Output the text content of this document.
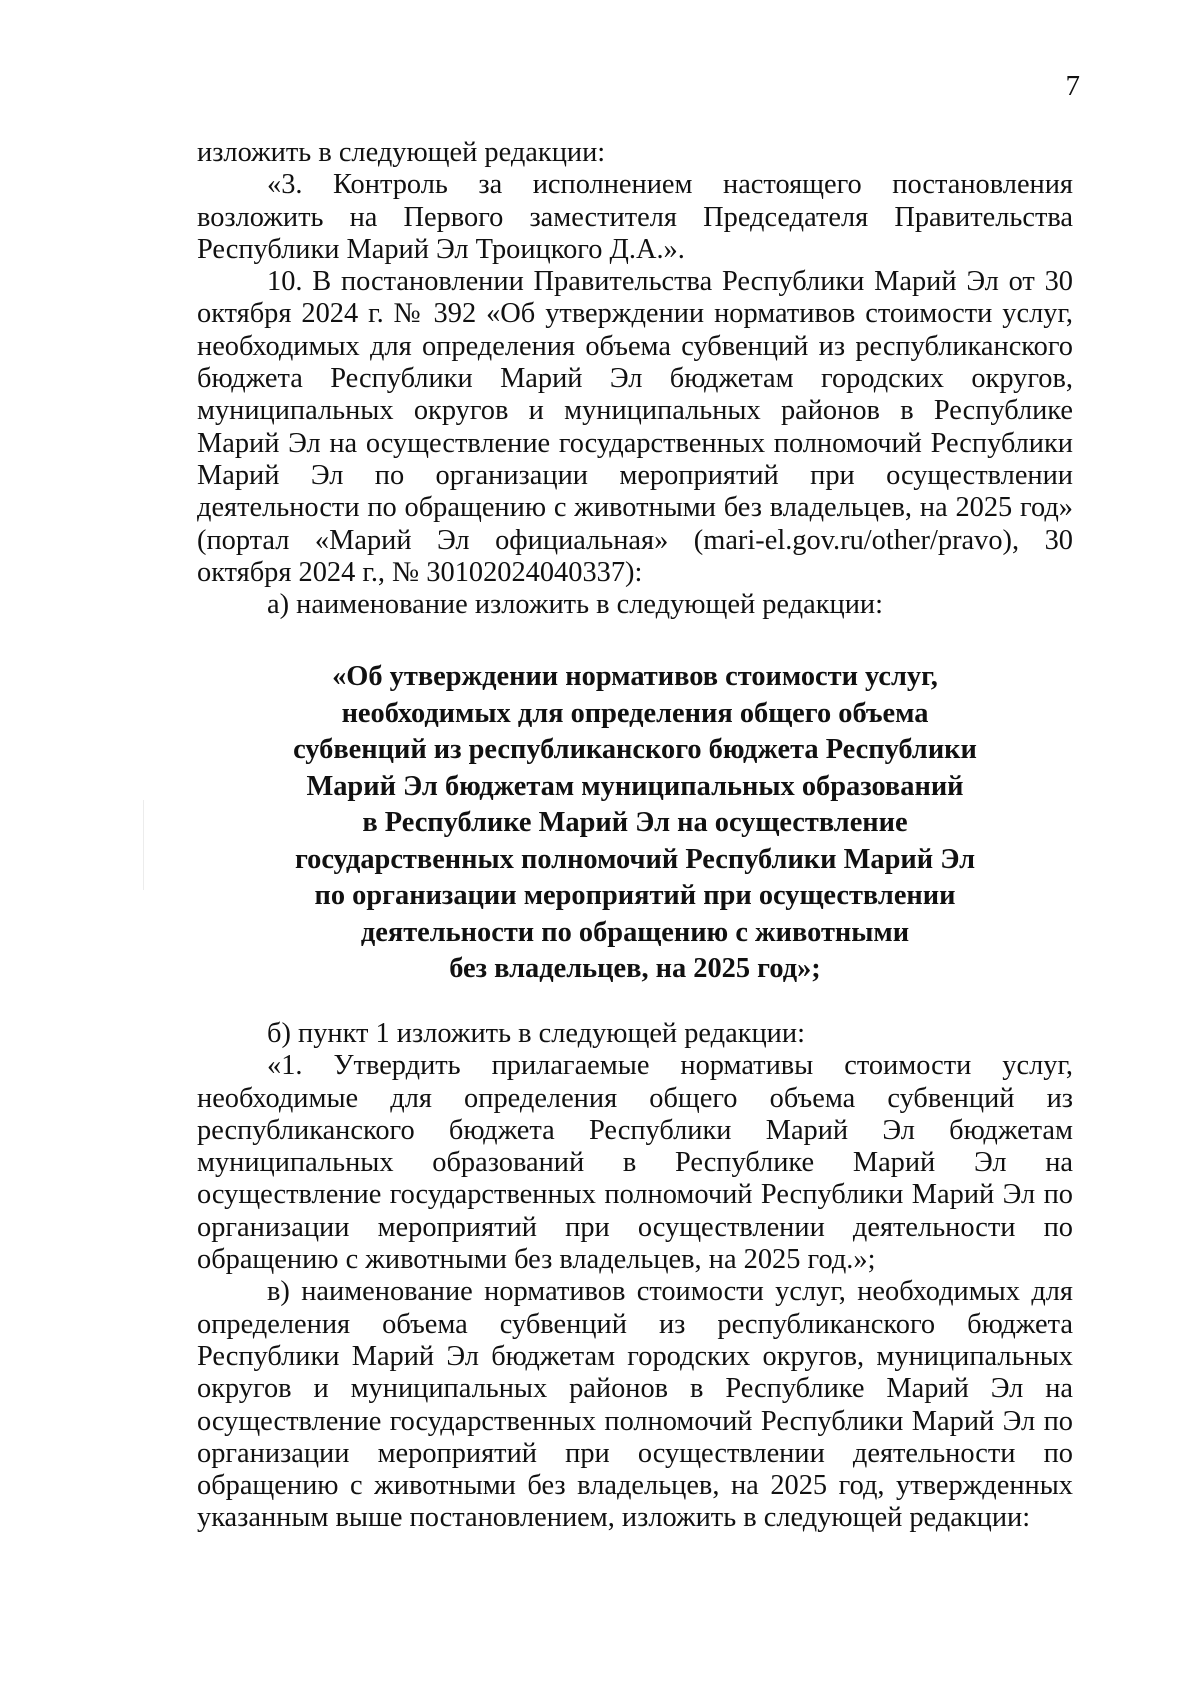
7

изложить в следующей редакции:

«3. Контроль за исполнением настоящего постановления возложить на Первого заместителя Председателя Правительства Республики Марий Эл Троицкого Д.А.».

10. В постановлении Правительства Республики Марий Эл от 30 октября 2024 г. № 392 «Об утверждении нормативов стоимости услуг, необходимых для определения объема субвенций из республиканского бюджета Республики Марий Эл бюджетам городских округов, муниципальных округов и муниципальных районов в Республике Марий Эл на осуществление государственных полномочий Республики Марий Эл по организации мероприятий при осуществлении деятельности по обращению с животными без владельцев, на 2025 год» (портал «Марий Эл официальная» (mari-el.gov.ru/other/pravo), 30 октября 2024 г., № 30102024040337):

а) наименование изложить в следующей редакции:

«Об утверждении нормативов стоимости услуг,
необходимых для определения общего объема
субвенций из республиканского бюджета Республики
Марий Эл бюджетам муниципальных образований
в Республике Марий Эл на осуществление
государственных полномочий Республики Марий Эл
по организации мероприятий при осуществлении
деятельности по обращению с животными
без владельцев, на 2025 год»;

б) пункт 1 изложить в следующей редакции:

«1. Утвердить прилагаемые нормативы стоимости услуг, необходимые для определения общего объема субвенций из республиканского бюджета Республики Марий Эл бюджетам муниципальных образований в Республике Марий Эл на осуществление государственных полномочий Республики Марий Эл по организации мероприятий при осуществлении деятельности по обращению с животными без владельцев, на 2025 год.»;

в) наименование нормативов стоимости услуг, необходимых для определения объема субвенций из республиканского бюджета Республики Марий Эл бюджетам городских округов, муниципальных округов и муниципальных районов в Республике Марий Эл на осуществление государственных полномочий Республики Марий Эл по организации мероприятий при осуществлении деятельности по обращению с животными без владельцев, на 2025 год, утвержденных указанным выше постановлением, изложить в следующей редакции:
